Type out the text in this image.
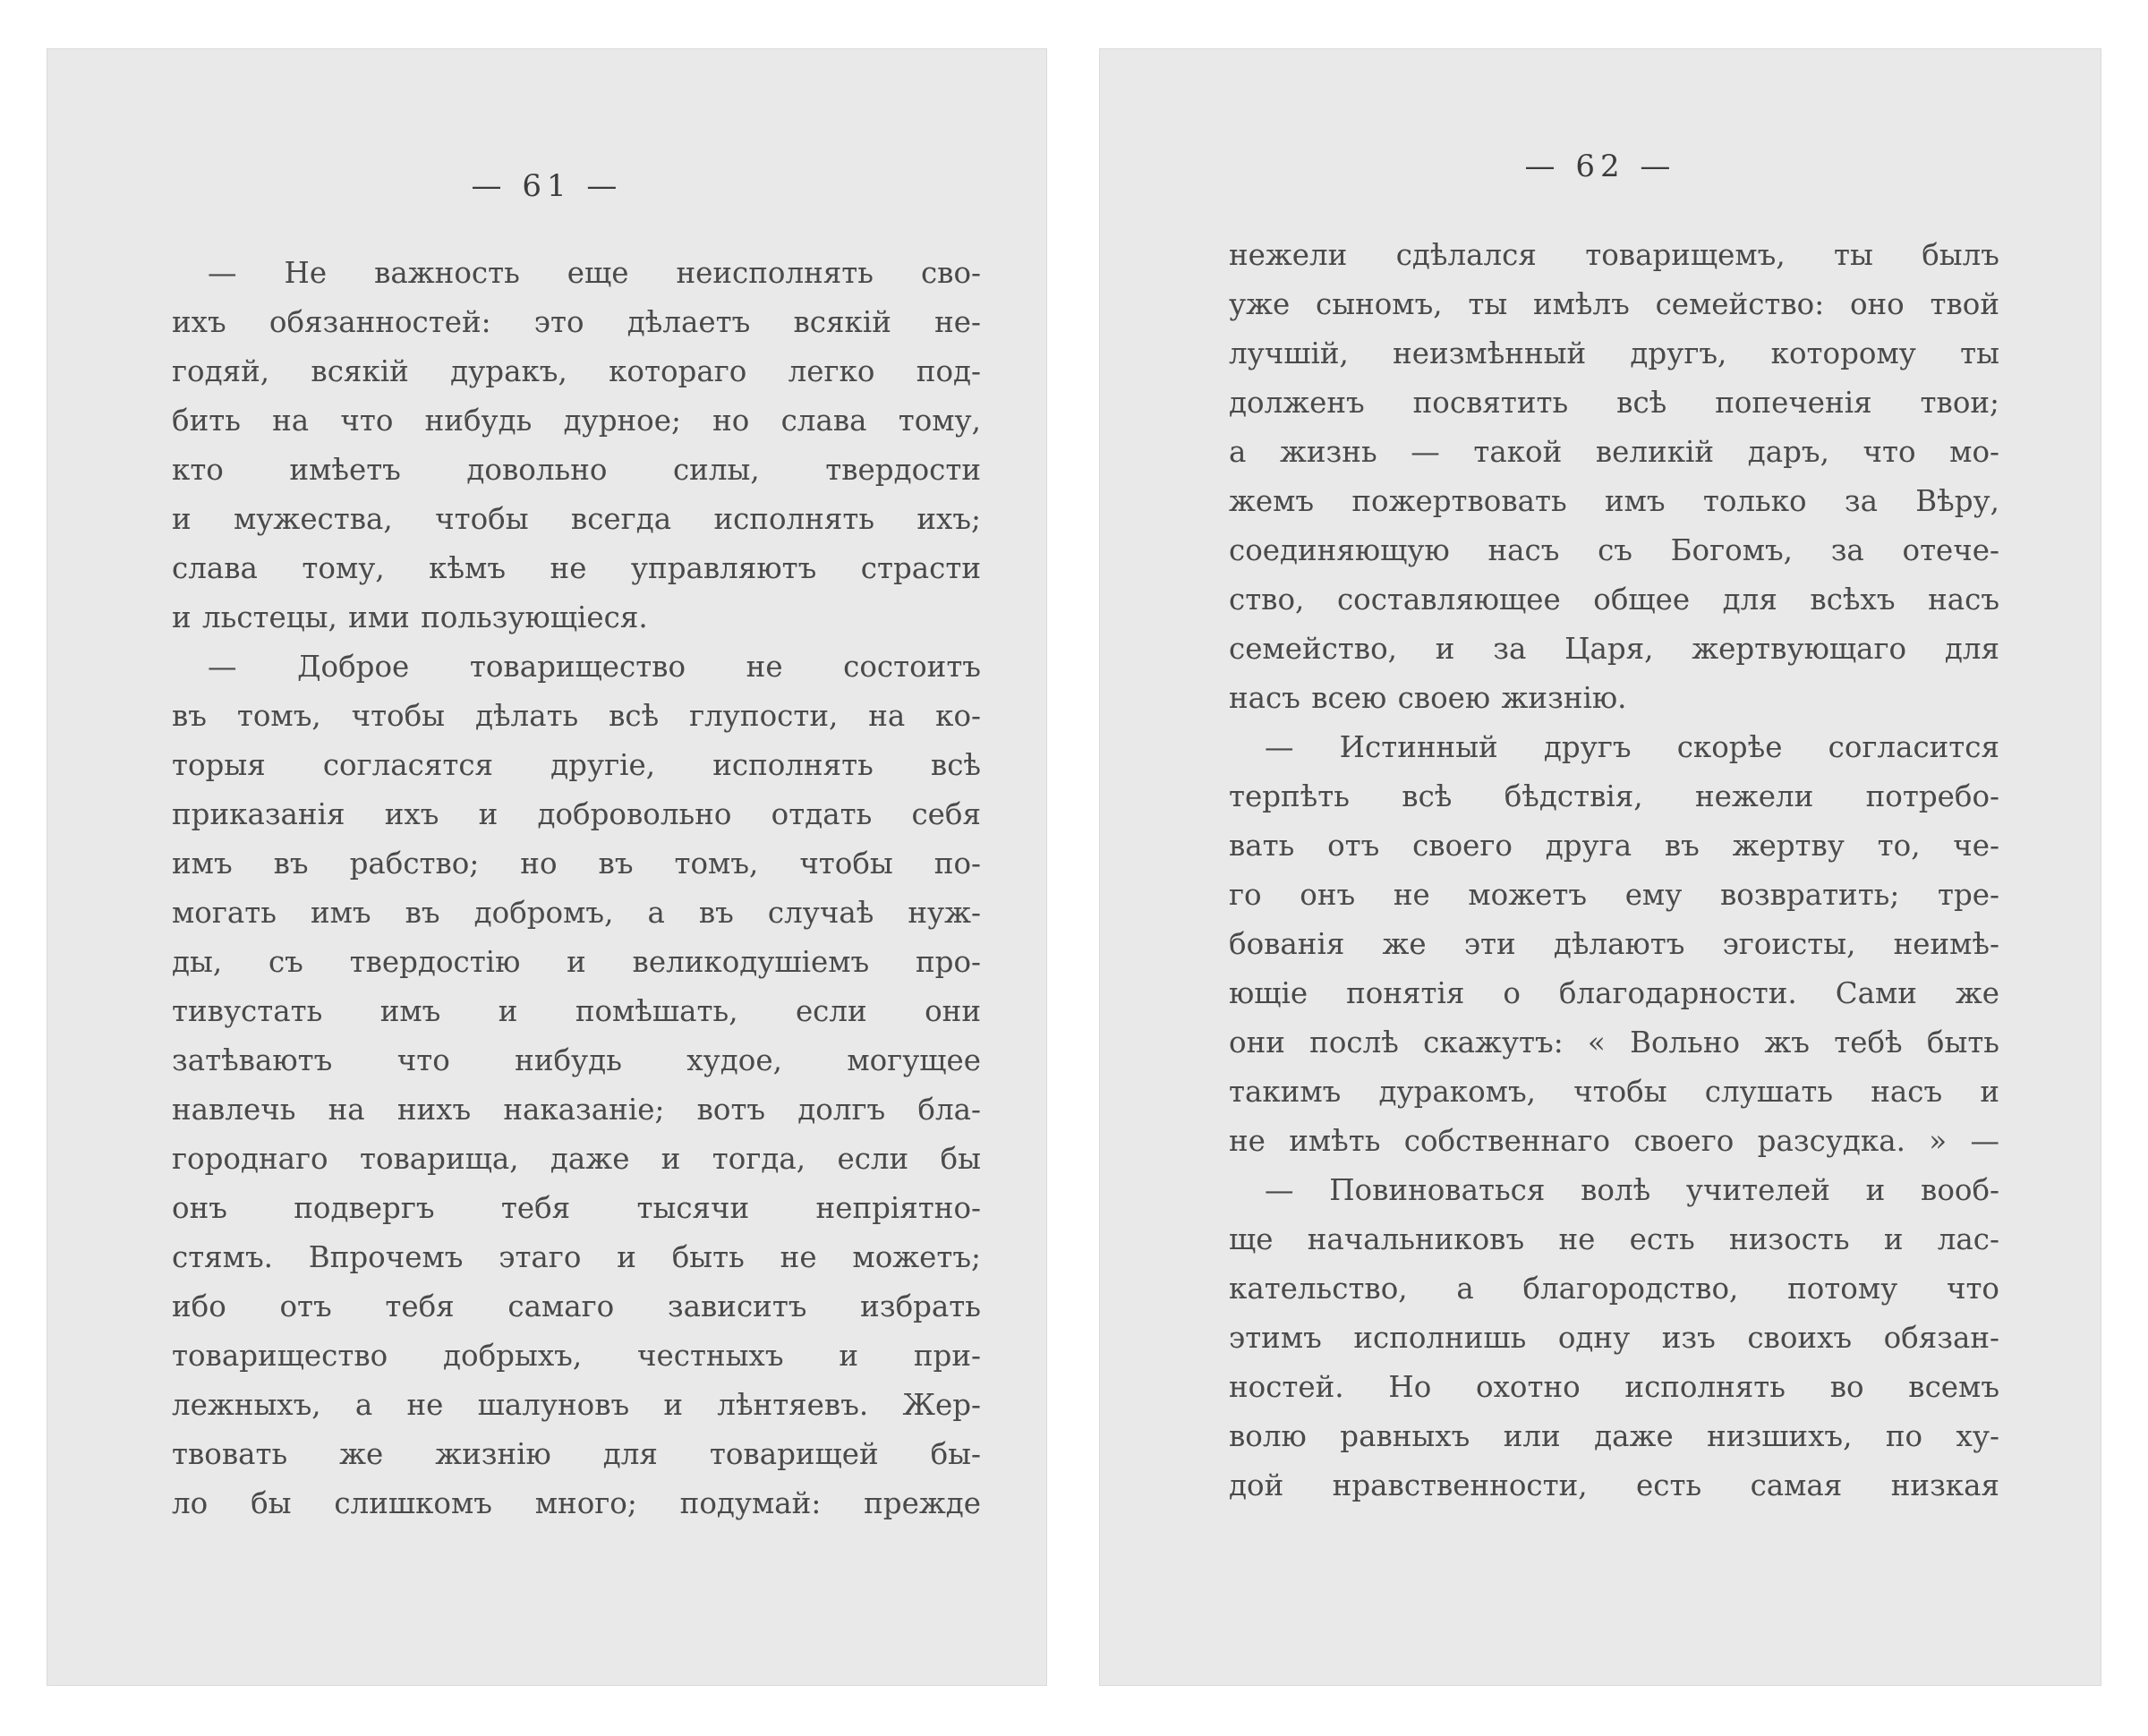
— 61 —
— Не важность еще неисполнять сво-
ихъ обязанностей: это дѣлаетъ всякій не-
годяй, всякій дуракъ, котораго легко под-
бить на что нибудь дурное; но слава тому,
кто имѣетъ довольно силы, твердости
и мужества, чтобы всегда исполнять ихъ;
слава тому, кѣмъ не управляютъ страсти
и льстецы, ими пользующіеся.
— Доброе товарищество не состоитъ
въ томъ, чтобы дѣлать всѣ глупости, на ко-
торыя согласятся другіе, исполнять всѣ
приказанія ихъ и добровольно отдать себя
имъ въ рабство; но въ томъ, чтобы по-
могать имъ въ добромъ, а въ случаѣ нуж-
ды, съ твердостію и великодушіемъ про-
тивустать имъ и помѣшать, если они
затѣваютъ что нибудь худое, могущее
навлечь на нихъ наказаніе; вотъ долгъ бла-
городнаго товарища, даже и тогда, если бы
онъ подвергъ тебя тысячи непріятно-
стямъ. Впрочемъ этаго и быть не можетъ;
ибо отъ тебя самаго зависитъ избрать
товарищество добрыхъ, честныхъ и при-
лежныхъ, а не шалуновъ и лѣнтяевъ. Жер-
твовать же жизнію для товарищей бы-
ло бы слишкомъ много; подумай: прежде
— 62 —
нежели сдѣлался товарищемъ, ты былъ
уже сыномъ, ты имѣлъ семейство: оно твой
лучшій, неизмѣнный другъ, которому ты
долженъ посвятить всѣ попеченія твои;
а жизнь — такой великій даръ, что мо-
жемъ пожертвовать имъ только за Вѣру,
соединяющую насъ съ Богомъ, за отече-
ство, составляющее общее для всѣхъ насъ
семейство, и за Царя, жертвующаго для
насъ всею своею жизнію.
— Истинный другъ скорѣе согласится
терпѣть всѣ бѣдствія, нежели потребо-
вать отъ своего друга въ жертву то, че-
го онъ не можетъ ему возвратить; тре-
бованія же эти дѣлаютъ эгоисты, неимѣ-
ющіе понятія о благодарности. Сами же
они послѣ скажутъ: « Вольно жъ тебѣ быть
такимъ дуракомъ, чтобы слушать насъ и
не имѣть собственнаго своего разсудка. » —
— Повиноваться волѣ учителей и вооб-
ще начальниковъ не есть низость и лас-
кательство, а благородство, потому что
этимъ исполнишь одну изъ своихъ обязан-
ностей. Но охотно исполнять во всемъ
волю равныхъ или даже низшихъ, по ху-
дой нравственности, есть самая низкая
